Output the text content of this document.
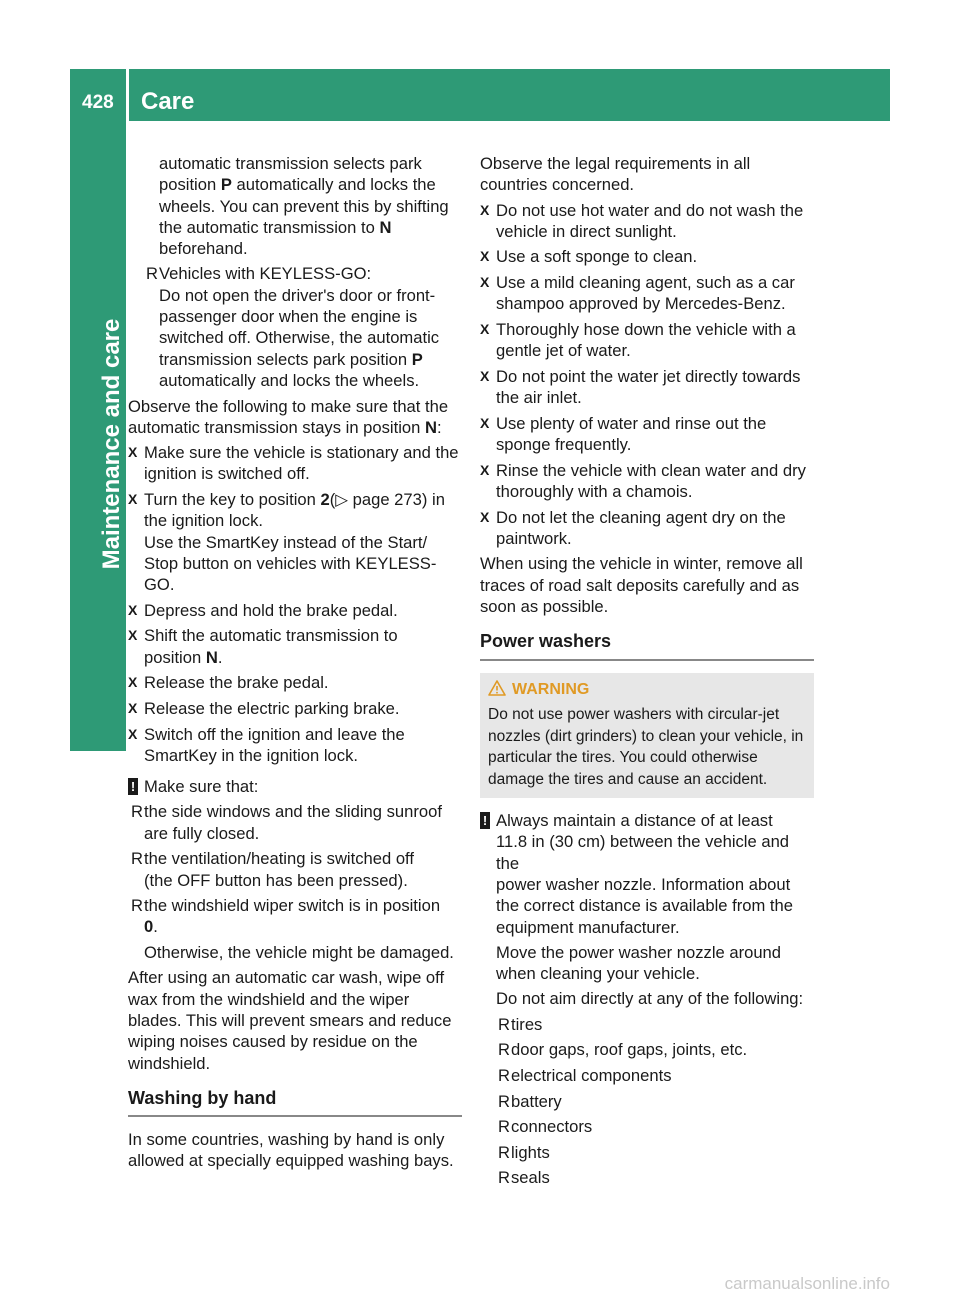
428 Care
Maintenance and care
automatic transmission selects park
position P automatically and locks the
wheels. You can prevent this by shifting
the automatic transmission to N
beforehand.
R Vehicles with KEYLESS-GO:
Do not open the driver's door or front-
passenger door when the engine is
switched off. Otherwise, the automatic
transmission selects park position P
automatically and locks the wheels.

Observe the following to make sure that the
automatic transmission stays in position N:

X Make sure the vehicle is stationary and the
ignition is switched off.
X Turn the key to position 2(▷ page 273) in
the ignition lock.
Use the SmartKey instead of the Start/
Stop button on vehicles with KEYLESS-GO.
X Depress and hold the brake pedal.
X Shift the automatic transmission to
position N.
X Release the brake pedal.
X Release the electric parking brake.
X Switch off the ignition and leave the
SmartKey in the ignition lock.
! Make sure that:
R the side windows and the sliding sunroof
are fully closed.
R the ventilation/heating is switched off
(the OFF button has been pressed).
R the windshield wiper switch is in position
0.

Otherwise, the vehicle might be damaged.

After using an automatic car wash, wipe off
wax from the windshield and the wiper
blades. This will prevent smears and reduce
wiping noises caused by residue on the
windshield.

Washing by hand

In some countries, washing by hand is only
allowed at specially equipped washing bays.

Observe the legal requirements in all
countries concerned.

X Do not use hot water and do not wash the
vehicle in direct sunlight.
X Use a soft sponge to clean.
X Use a mild cleaning agent, such as a car
shampoo approved by Mercedes-Benz.
X Thoroughly hose down the vehicle with a
gentle jet of water.
X Do not point the water jet directly towards
the air inlet.
X Use plenty of water and rinse out the
sponge frequently.
X Rinse the vehicle with clean water and dry
thoroughly with a chamois.
X Do not let the cleaning agent dry on the
paintwork.

When using the vehicle in winter, remove all
traces of road salt deposits carefully and as
soon as possible.

Power washers
WARNING
Do not use power washers with circular-jet
nozzles (dirt grinders) to clean your vehicle, in
particular the tires. You could otherwise
damage the tires and cause an accident.
! Always maintain a distance of at least
11.8 in (30 cm) between the vehicle and the
power washer nozzle. Information about
the correct distance is available from the
equipment manufacturer.

Move the power washer nozzle around
when cleaning your vehicle.

Do not aim directly at any of the following:

R tires
R door gaps, roof gaps, joints, etc.
R electrical components
R battery
R connectors
R lights
R seals
carmanualsonline.info
